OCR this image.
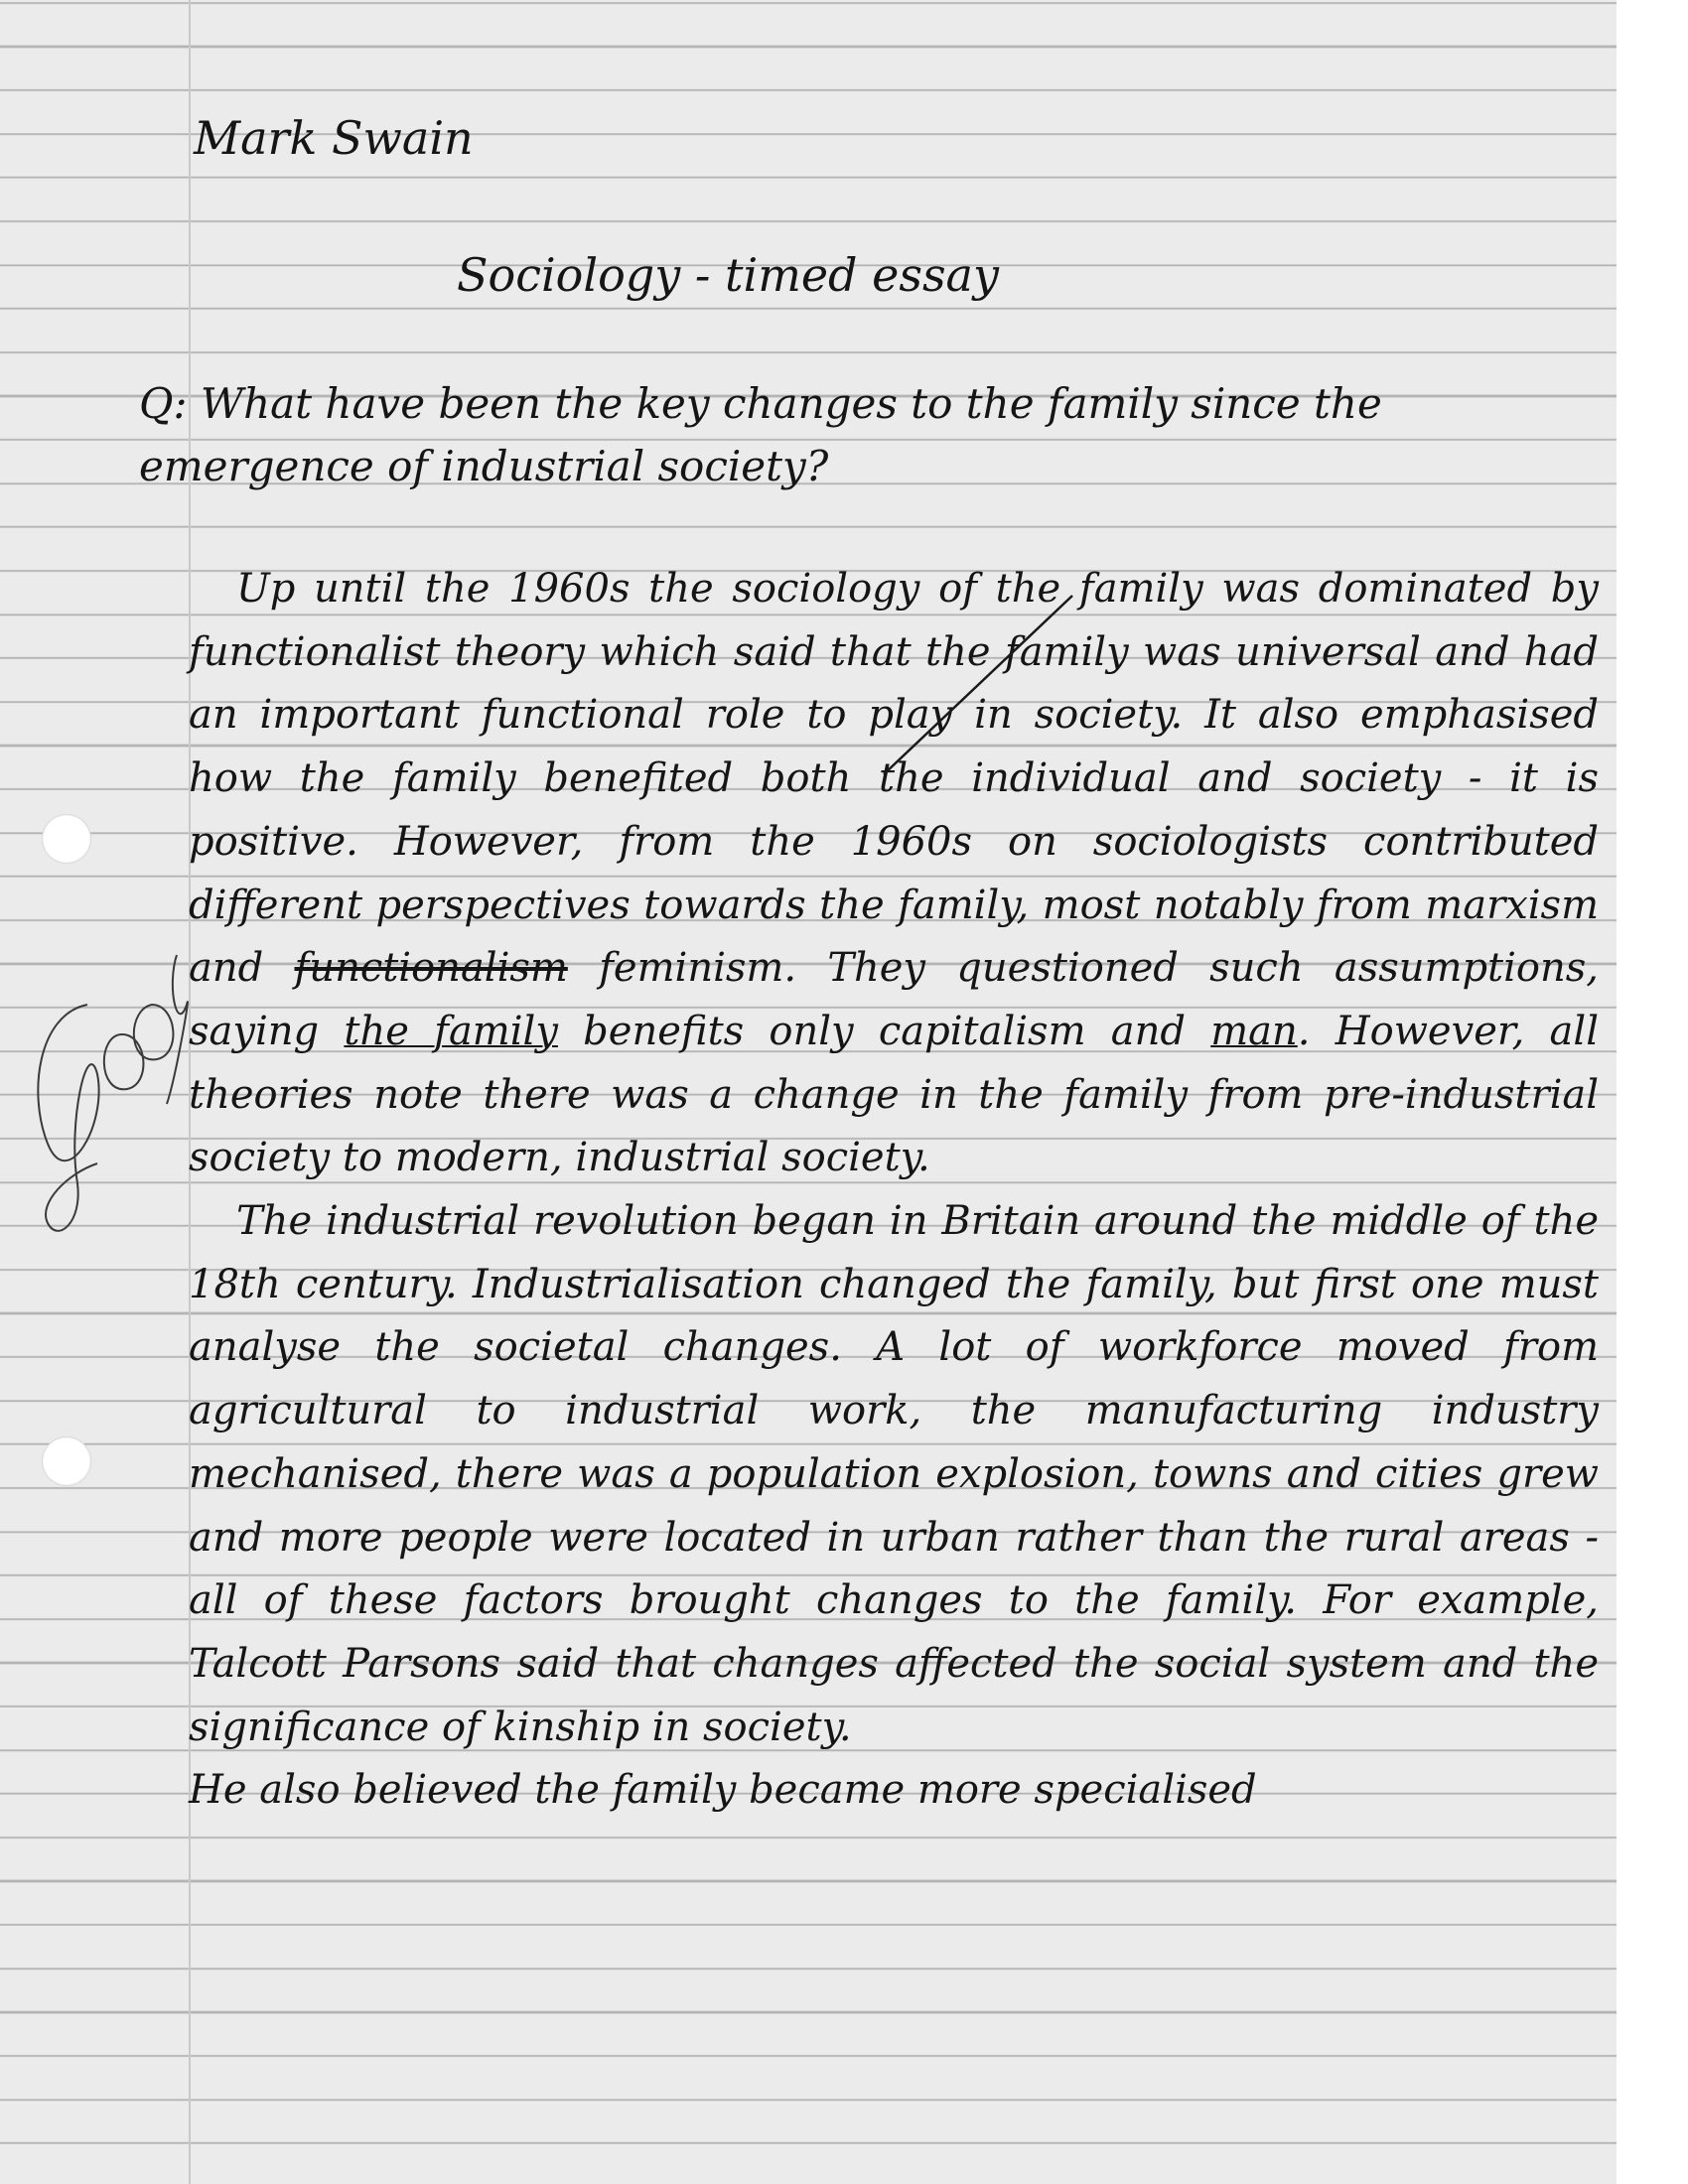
Mark Swain
Sociology - timed essay
Q: What have been the key changes to the family since the emergence of industrial society?

Up until the 1960s the sociology of the family was dominated by functionalist theory which said that the family was universal and had an important functional role to play in society. It also emphasised how the family benefited both the individual and society - it is positive. However, from the 1960s on sociologists contributed different perspectives towards the family, most notably from marxism and functionalism feminism. They questioned such assumptions, saying the family benefits only capitalism and man. However, all theories note there was a change in the family from pre-industrial society to modern, industrial society.

The industrial revolution began in Britain around the middle of the 18th century. Industrialisation changed the family, but first one must analyse the societal changes. A lot of workforce moved from agricultural to industrial work, the manufacturing industry mechanised, there was a population explosion, towns and cities grew and more people were located in urban rather than the rural areas - all of these factors brought changes to the family. For example, Talcott Parsons said that changes affected the social system and the significance of kinship in society.

He also believed the family became more specialised
